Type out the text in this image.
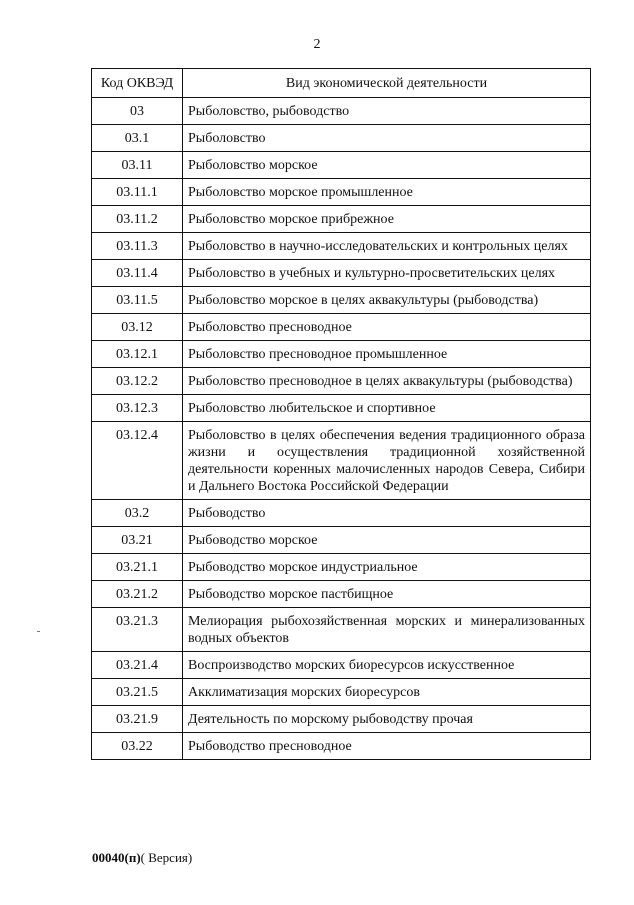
2
Код ОКВЭД	Вид экономической деятельности
03	Рыболовство, рыбоводство
03.1	Рыболовство
03.11	Рыболовство морское
03.11.1	Рыболовство морское промышленное
03.11.2	Рыболовство морское прибрежное
03.11.3	Рыболовство в научно-исследовательских и контрольных целях
03.11.4	Рыболовство в учебных и культурно-просветительских целях
03.11.5	Рыболовство морское в целях аквакультуры (рыбоводства)
03.12	Рыболовство пресноводное
03.12.1	Рыболовство пресноводное промышленное
03.12.2	Рыболовство пресноводное в целях аквакультуры (рыбоводства)
03.12.3	Рыболовство любительское и спортивное
03.12.4	Рыболовство в целях обеспечения ведения традиционного образа жизни и осуществления традиционной хозяйственной деятельности коренных малочисленных народов Севера, Сибири и Дальнего Востока Российской Федерации
03.2	Рыбоводство
03.21	Рыбоводство морское
03.21.1	Рыбоводство морское индустриальное
03.21.2	Рыбоводство морское пастбищное
03.21.3	Мелиорация рыбохозяйственная морских и минерализованных водных объектов
03.21.4	Воспроизводство морских биоресурсов искусственное
03.21.5	Акклиматизация морских биоресурсов
03.21.9	Деятельность по морскому рыбоводству прочая
03.22	Рыбоводство пресноводное
00040(п)( Версия)
